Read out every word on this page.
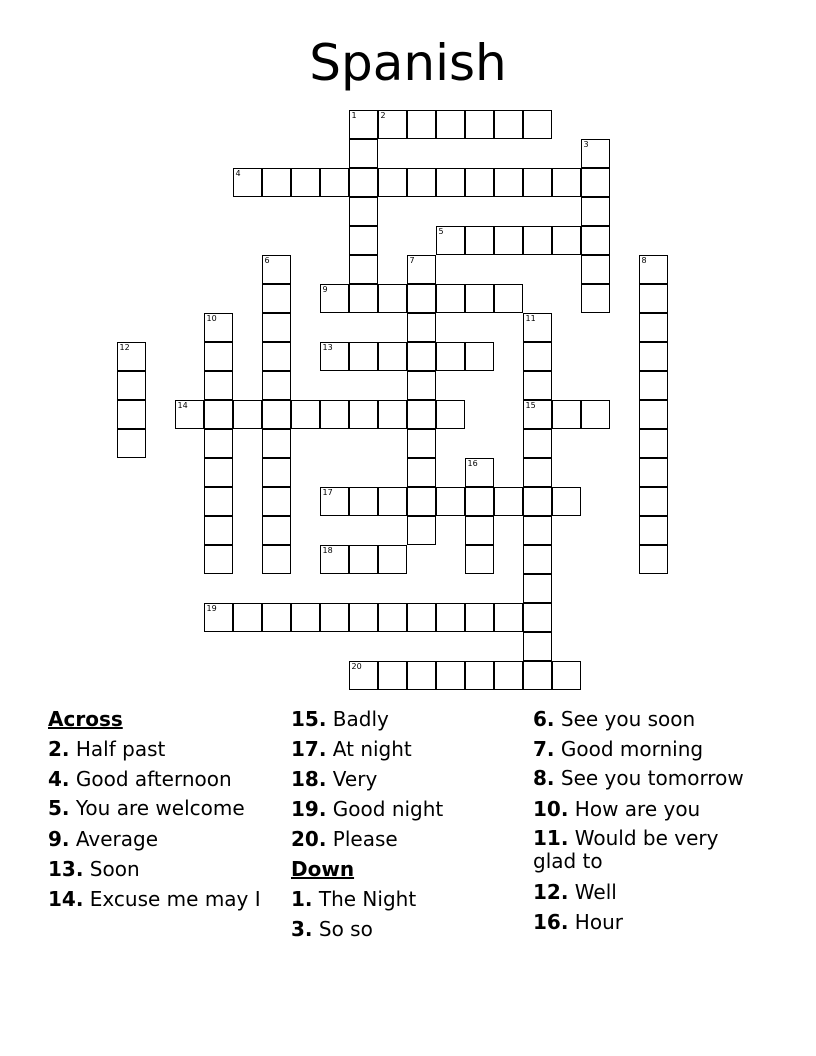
Spanish
2
4
5
9
13
14	15
17
18
19
20
1
3
6	7	8
10	11
12
16
Across
2. Half past
4. Good afternoon
5. You are welcome
9. Average
13. Soon
14. Excuse me may I
15. Badly
17. At night
18. Very
19. Good night
20. Please
Down
1. The Night
3. So so
6. See you soon
7. Good morning
8. See you tomorrow
10. How are you
11. Would be very glad to
12. Well
16. Hour
